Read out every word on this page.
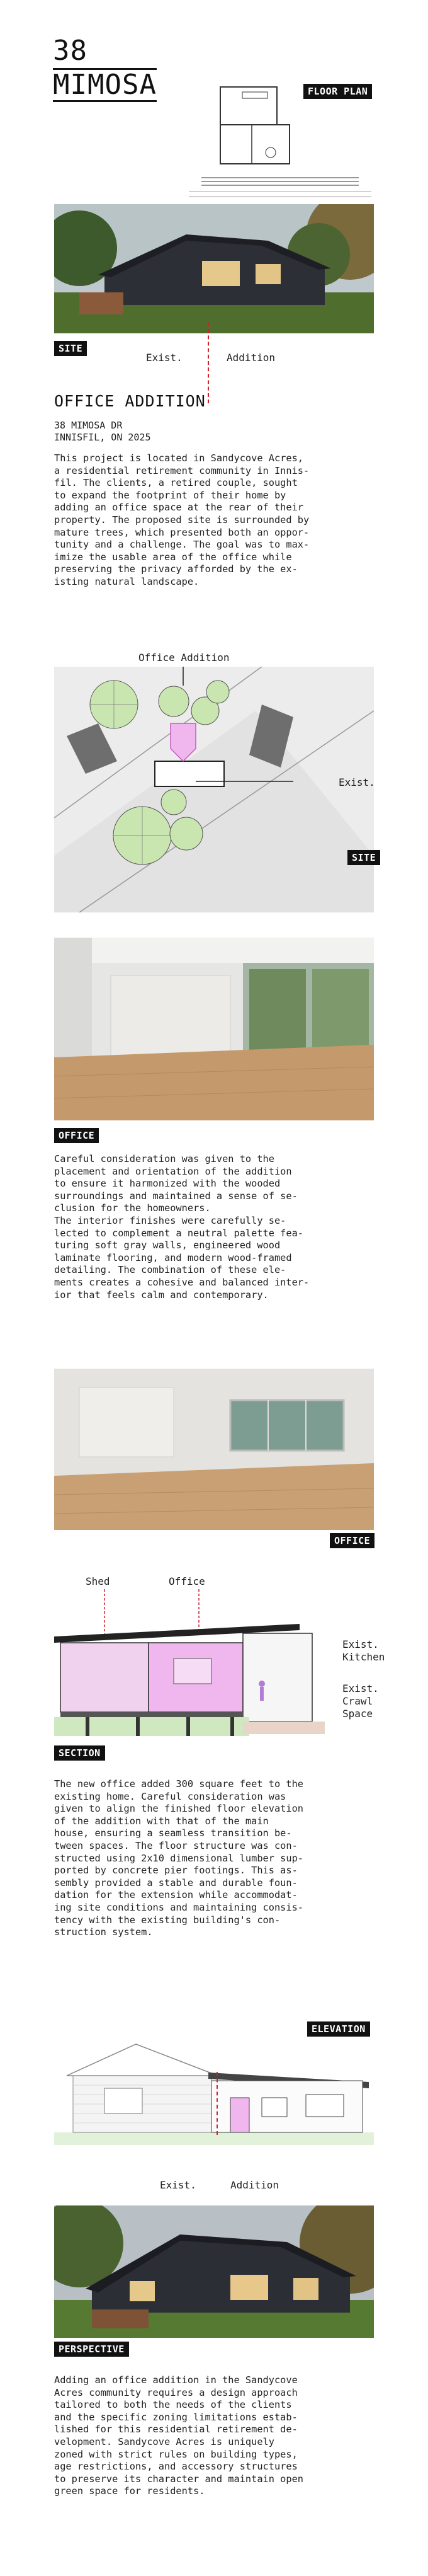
38
MIMOSA	FLOOR PLAN
SITE
Exist.	Addition
OFFICE ADDITION
38 MIMOSA DR
INNISFIL, ON 2025
This project is located in Sandycove Acres,
a residential retirement community in Innis-
fil. The clients, a retired couple, sought
to expand the footprint of their home by
adding an office space at the rear of their
property. The proposed site is surrounded by
mature trees, which presented both an oppor-
tunity and a challenge. The goal was to max-
imize the usable area of the office while
preserving the privacy afforded by the ex-
isting natural landscape.
Office Addition
Exist.
SITE
OFFICE
Careful consideration was given to the
placement and orientation of the addition
to ensure it harmonized with the wooded
surroundings and maintained a sense of se-
clusion for the homeowners.
The interior finishes were carefully se-
lected to complement a neutral palette fea-
turing soft gray walls, engineered wood
laminate flooring, and modern wood-framed
detailing. The combination of these ele-
ments creates a cohesive and balanced inter-
ior that feels calm and contemporary.
OFFICE
Shed	Office
Exist.
Kitchen
Exist.
Crawl
Space
SECTION
The new office added 300 square feet to the
existing home. Careful consideration was
given to align the finished floor elevation
of the addition with that of the main
house, ensuring a seamless transition be-
tween spaces. The floor structure was con-
structed using 2x10 dimensional lumber sup-
ported by concrete pier footings. This as-
sembly provided a stable and durable foun-
dation for the extension while accommodat-
ing site conditions and maintaining consis-
tency with the existing building's con-
struction system.
ELEVATION
Exist.	Addition
PERSPECTIVE
Adding an office addition in the Sandycove
Acres community requires a design approach
tailored to both the needs of the clients
and the specific zoning limitations estab-
lished for this residential retirement de-
velopment. Sandycove Acres is uniquely
zoned with strict rules on building types,
age restrictions, and accessory structures
to preserve its character and maintain open
green space for residents.
